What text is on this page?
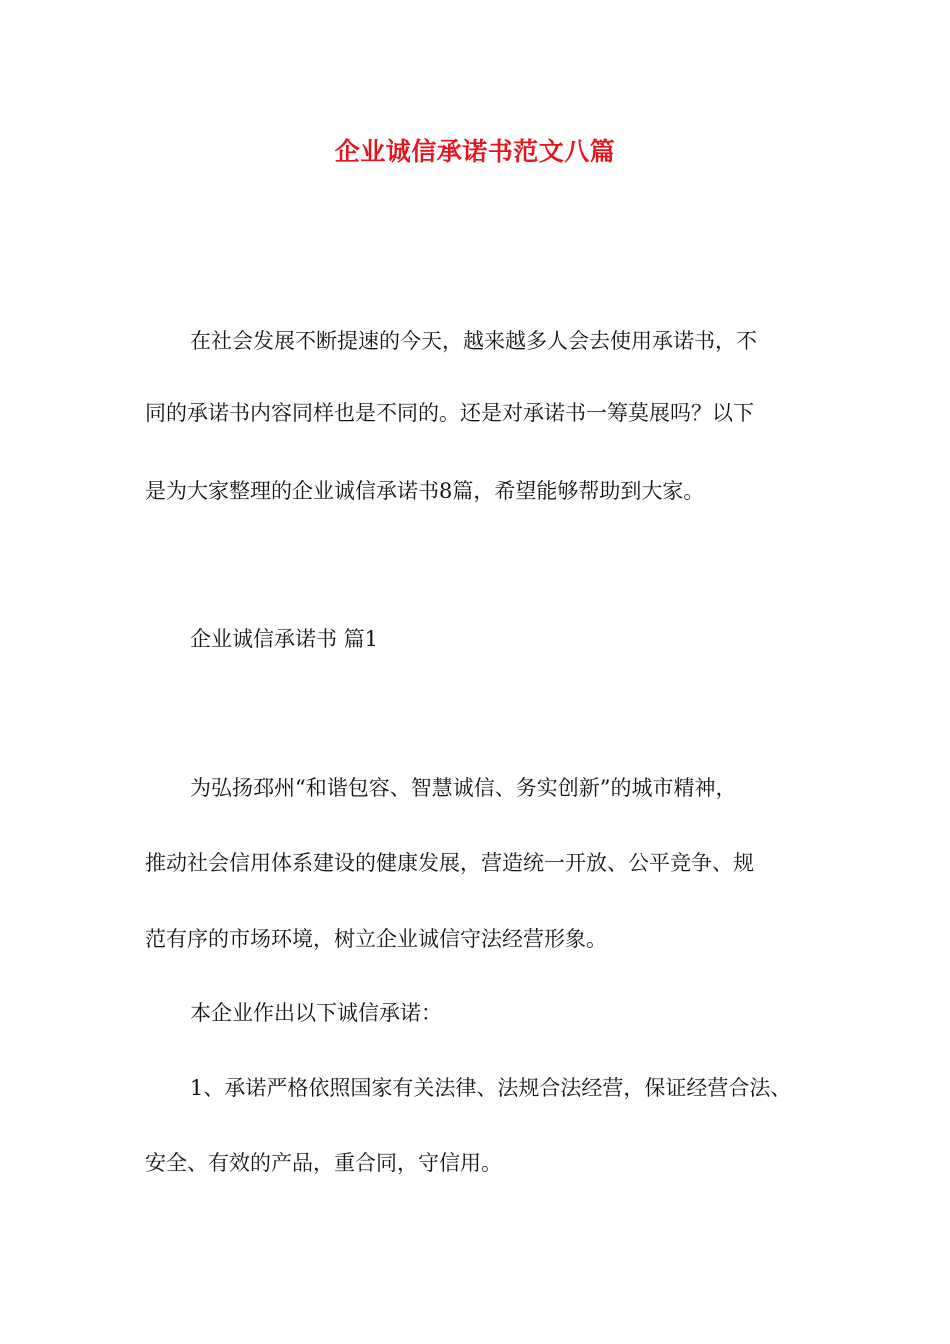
企业诚信承诺书范文八篇
在社会发展不断提速的今天，越来越多人会去使用承诺书，不
同的承诺书内容同样也是不同的。还是对承诺书一筹莫展吗？以下
是为大家整理的企业诚信承诺书8篇，希望能够帮助到大家。
企业诚信承诺书 篇1
为弘扬邳州“和谐包容、智慧诚信、务实创新”的城市精神，
推动社会信用体系建设的健康发展，营造统一开放、公平竞争、规
范有序的市场环境，树立企业诚信守法经营形象。
本企业作出以下诚信承诺：
1、承诺严格依照国家有关法律、法规合法经营，保证经营合法、
安全、有效的产品，重合同，守信用。
